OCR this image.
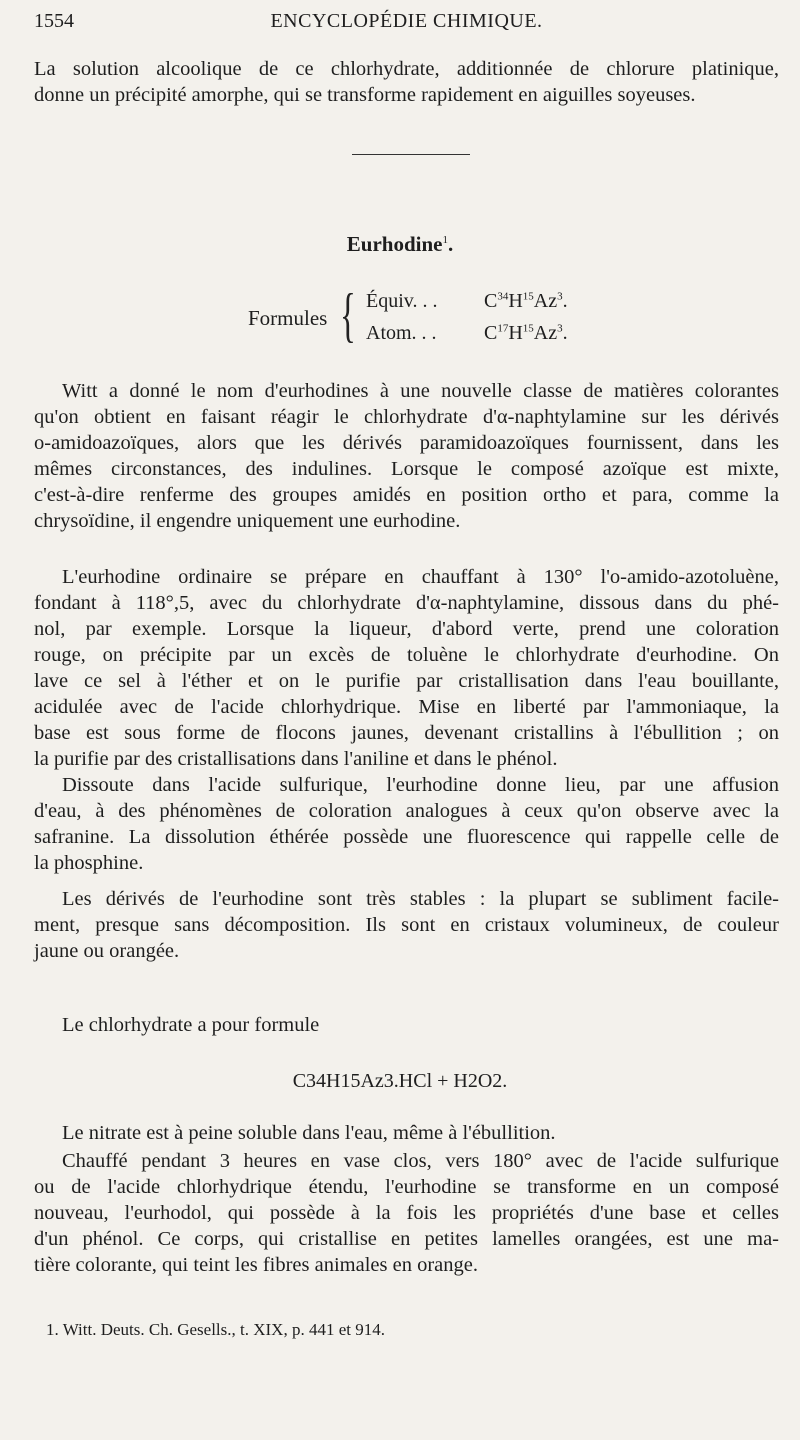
1554	ENCYCLOPÉDIE CHIMIQUE.
La solution alcoolique de ce chlorhydrate, additionnée de chlorure platinique,
donne un précipité amorphe, qui se transforme rapidement en aiguilles soyeuses.
Eurhodine$^1$.
Formules { Équiv. . . $C^{34}H^{15}Az^3$.
Atom. . . $C^{17}H^{15}Az^3$.
Witt a donné le nom d'eurhodines à une nouvelle classe de matières colorantes
qu'on obtient en faisant réagir le chlorhydrate d'α-naphtylamine sur les dérivés
o-amidoazoïques, alors que les dérivés paramidoazoïques fournissent, dans les
mêmes circonstances, des indulines. Lorsque le composé azoïque est mixte,
c'est-à-dire renferme des groupes amidés en position ortho et para, comme la
chrysoïdine, il engendre uniquement une eurhodine.
L'eurhodine ordinaire se prépare en chauffant à 130° l'o-amido-azotoluène,
fondant à 118°,5, avec du chlorhydrate d'α-naphtylamine, dissous dans du phé-
nol, par exemple. Lorsque la liqueur, d'abord verte, prend une coloration
rouge, on précipite par un excès de toluène le chlorhydrate d'eurhodine. On
lave ce sel à l'éther et on le purifie par cristallisation dans l'eau bouillante,
acidulée avec de l'acide chlorhydrique. Mise en liberté par l'ammoniaque, la
base est sous forme de flocons jaunes, devenant cristallins à l'ébullition ; on
la purifie par des cristallisations dans l'aniline et dans le phénol.
Dissoute dans l'acide sulfurique, l'eurhodine donne lieu, par une affusion
d'eau, à des phénomènes de coloration analogues à ceux qu'on observe avec la
safranine. La dissolution éthérée possède une fluorescence qui rappelle celle de
la phosphine.
Les dérivés de l'eurhodine sont très stables : la plupart se subliment facile-
ment, presque sans décomposition. Ils sont en cristaux volumineux, de couleur
jaune ou orangée.
Le chlorhydrate a pour formule
C34H15Az3.HCl + H2O2.
Le nitrate est à peine soluble dans l'eau, même à l'ébullition.
Chauffé pendant 3 heures en vase clos, vers 180° avec de l'acide sulfurique
ou de l'acide chlorhydrique étendu, l'eurhodine se transforme en un composé
nouveau, l'eurhodol, qui possède à la fois les propriétés d'une base et celles
d'un phénol. Ce corps, qui cristallise en petites lamelles orangées, est une ma-
tière colorante, qui teint les fibres animales en orange.
1. Witt. Deuts. Ch. Gesells., t. XIX, p. 441 et 914.
